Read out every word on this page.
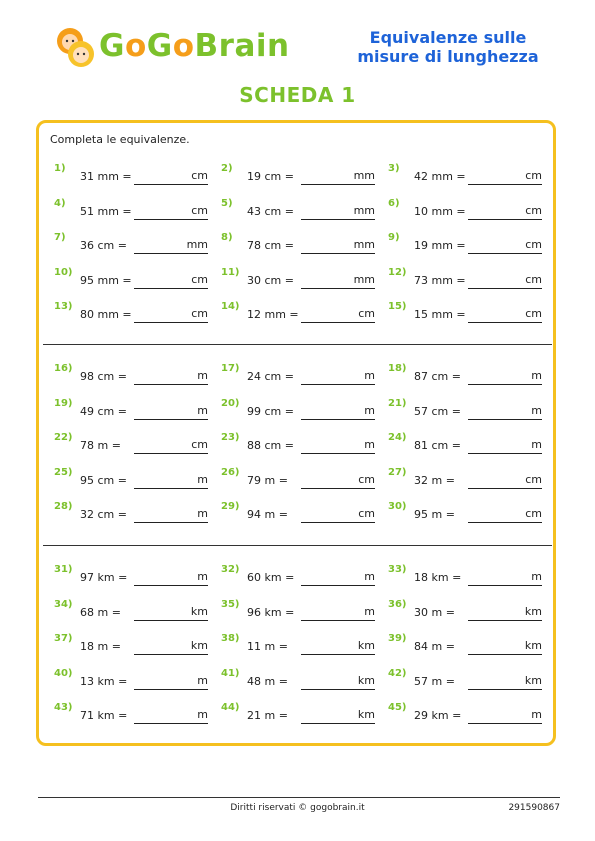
GoGoBrain	Equivalenze sulle
misure di lunghezza
SCHEDA 1
Completa le equivalenze.
1)
31 mm =	cm
2)
19 cm =	mm
3)
42 mm =	cm
4)
51 mm =	cm
5)
43 cm =	mm
6)
10 mm =	cm
7)
36 cm =	mm
8)
78 cm =	mm
9)
19 mm =	cm
10)
95 mm =	cm
11)
30 cm =	mm
12)
73 mm =	cm
13)
80 mm =	cm
14)
12 mm =	cm
15)
15 mm =	cm
16)
98 cm =	m
17)
24 cm =	m
18)
87 cm =	m
19)
49 cm =	m
20)
99 cm =	m
21)
57 cm =	m
22)
78 m =	cm
23)
88 cm =	m
24)
81 cm =	m
25)
95 cm =	m
26)
79 m =	cm
27)
32 m =	cm
28)
32 cm =	m
29)
94 m =	cm
30)
95 m =	cm
31)
97 km =	m
32)
60 km =	m
33)
18 km =	m
34)
68 m =	km
35)
96 km =	m
36)
30 m =	km
37)
18 m =	km
38)
11 m =	km
39)
84 m =	km
40)
13 km =	m
41)
48 m =	km
42)
57 m =	km
43)
71 km =	m
44)
21 m =	km
45)
29 km =	m
Diritti riservati © gogobrain.it	291590867
